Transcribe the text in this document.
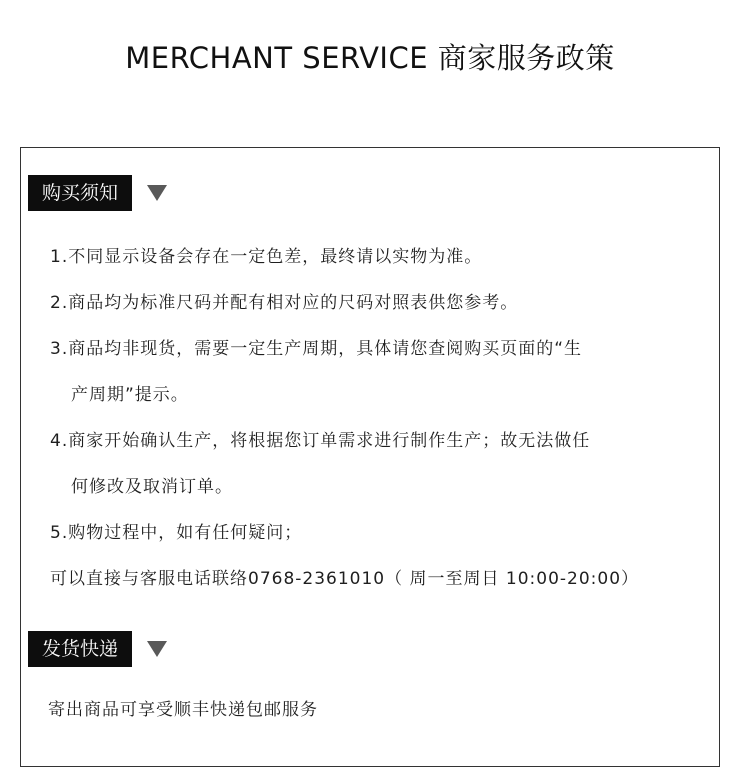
MERCHANT SERVICE 商家服务政策
购买须知
1.不同显示设备会存在一定色差，最终请以实物为准。
2.商品均为标准尺码并配有相对应的尺码对照表供您参考。
3.商品均非现货，需要一定生产周期，具体请您查阅购买页面的“生
产周期”提示。
4.商家开始确认生产，将根据您订单需求进行制作生产；故无法做任
何修改及取消订单。
5.购物过程中，如有任何疑问；
可以直接与客服电话联络0768-2361010（ 周一至周日 10:00-20:00）
发货快递
寄出商品可享受顺丰快递包邮服务
